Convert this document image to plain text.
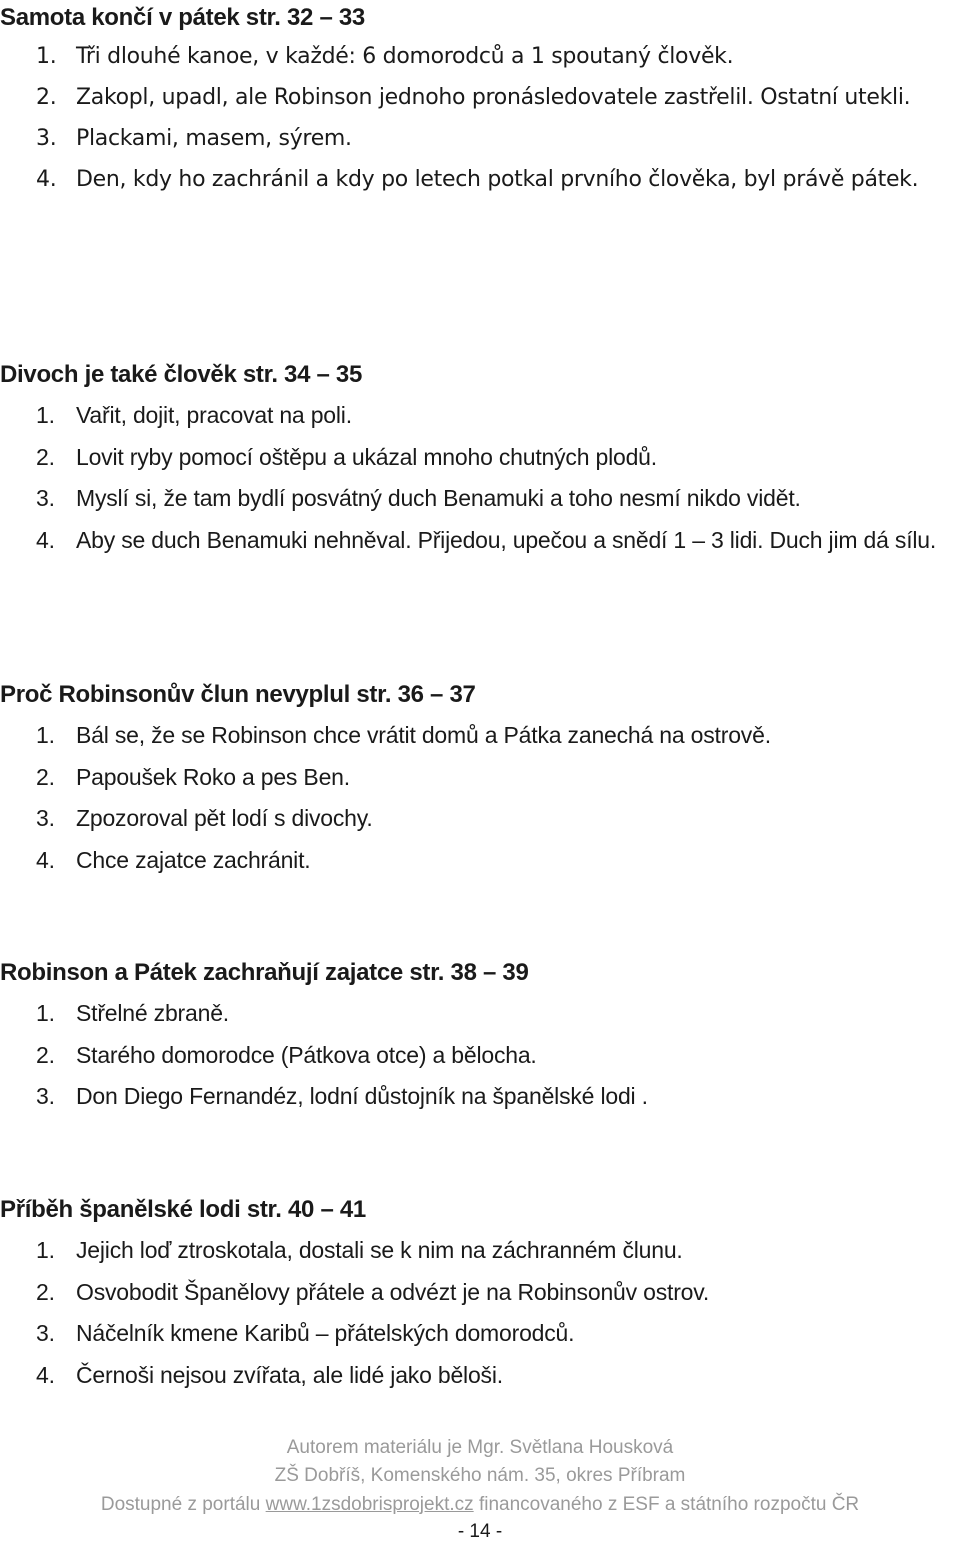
Samota končí v pátek str. 32 – 33
1. Tři dlouhé kanoe, v každé: 6 domorodců a 1 spoutaný člověk.
2. Zakopl, upadl, ale Robinson jednoho pronásledovatele zastřelil. Ostatní utekli.
3. Plackami, masem, sýrem.
4. Den, kdy ho zachránil a kdy po letech potkal prvního člověka, byl právě pátek.
Divoch je také člověk str. 34 – 35
1. Vařit, dojit, pracovat na poli.
2. Lovit ryby pomocí oštěpu a ukázal mnoho chutných plodů.
3. Myslí si, že tam bydlí posvátný duch Benamuki a toho nesmí nikdo vidět.
4. Aby se duch Benamuki nehněval. Přijedou, upečou a snědí 1 – 3 lidi. Duch jim dá sílu.
Proč Robinsonův člun nevyplul str. 36 – 37
1. Bál se, že se Robinson chce vrátit domů a Pátka zanechá na ostrově.
2. Papoušek Roko a pes Ben.
3. Zpozoroval pět lodí s divochy.
4. Chce zajatce zachránit.
Robinson a Pátek zachraňují zajatce str. 38 – 39
1. Střelné zbraně.
2. Starého domorodce (Pátkova otce) a bělocha.
3. Don Diego Fernandéz, lodní důstojník na španělské lodi .
Příběh španělské lodi str. 40 – 41
1. Jejich loď ztroskotala, dostali se k nim na záchranném člunu.
2. Osvobodit Španělovy přátele a odvézt je na Robinsonův ostrov.
3. Náčelník kmene Karibů – přátelských domorodců.
4. Černoši nejsou zvířata, ale lidé jako běloši.
Autorem materiálu je Mgr. Světlana Housková
ZŠ Dobříš, Komenského nám. 35, okres Příbram
Dostupné z portálu www.1zsdobrisprojekt.cz financovaného z ESF a státního rozpočtu ČR
- 14 -
